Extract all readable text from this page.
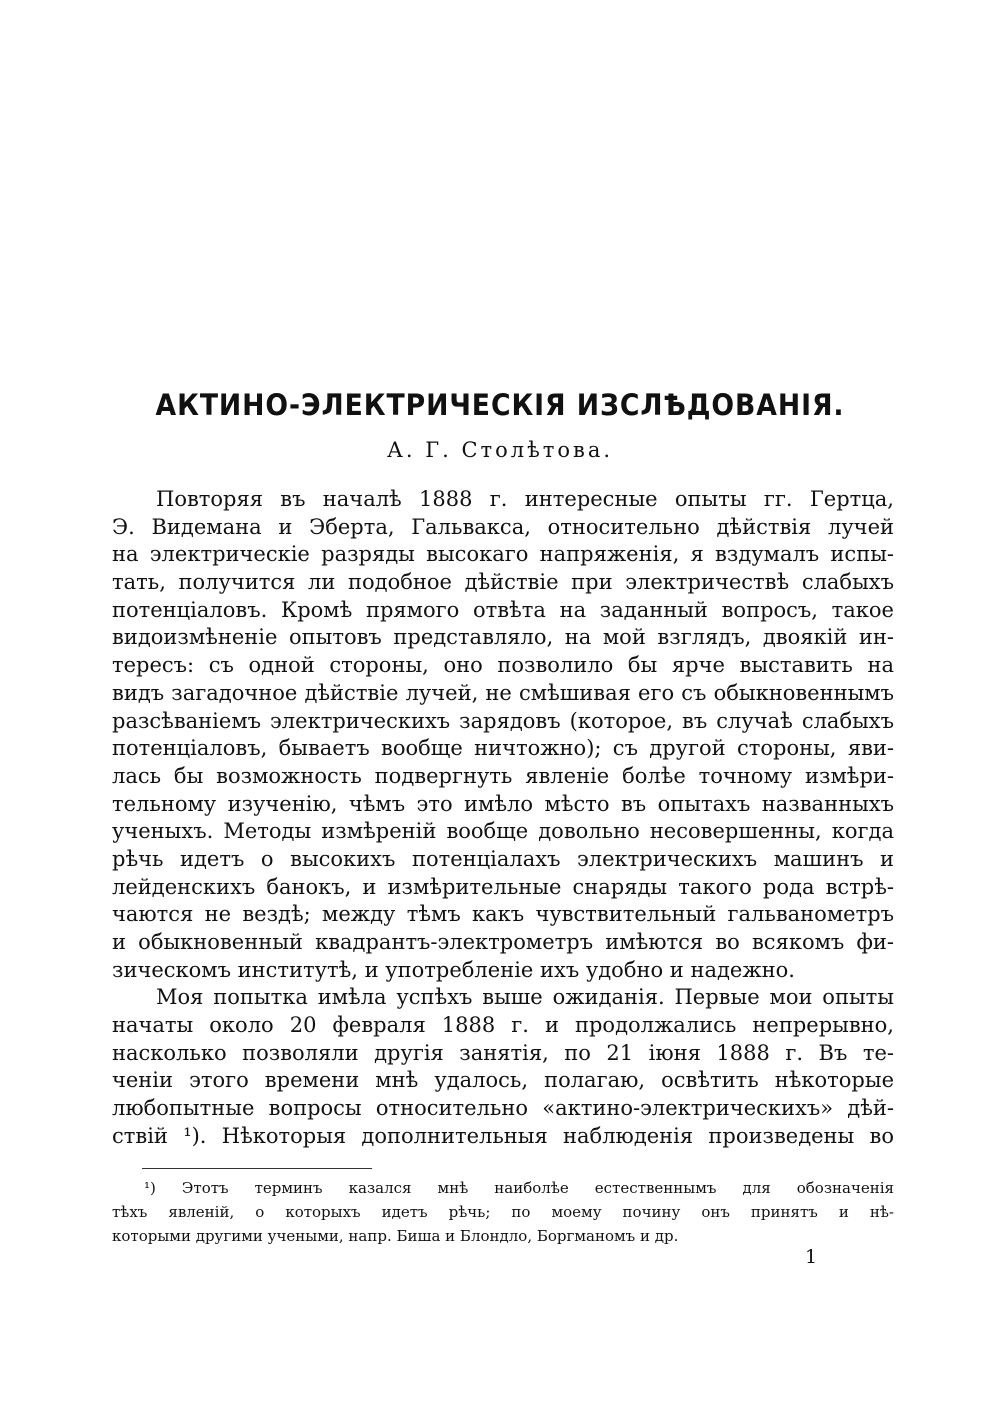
АКТИНО-ЭЛЕКТРИЧЕСКIЯ ИЗСЛѢДОВАНIЯ.
А. Г. Столѣтова.
Повторяя въ началѣ 1888 г. интересные опыты гг. Гертца,
Э. Видемана и Эберта, Гальвакса, относительно дѣйствiя лучей
на электрическiе разряды высокаго напряженiя, я вздумалъ испы-
тать, получится ли подобное дѣйствiе при электричествѣ слабыхъ
потенцiаловъ. Кромѣ прямого отвѣта на заданный вопросъ, такое
видоизмѣненiе опытовъ представляло, на мой взглядъ, двоякiй ин-
тересъ: съ одной стороны, оно позволило бы ярче выставить на
видъ загадочное дѣйствiе лучей, не смѣшивая его съ обыкновеннымъ
разсѣванiемъ электрическихъ зарядовъ (которое, въ случаѣ слабыхъ
потенцiаловъ, бываетъ вообще ничтожно); съ другой стороны, яви-
лась бы возможность подвергнуть явленiе болѣе точному измѣри-
тельному изученiю, чѣмъ это имѣло мѣсто въ опытахъ названныхъ
ученыхъ. Методы измѣренiй вообще довольно несовершенны, когда
рѣчь идетъ о высокихъ потенцiалахъ электрическихъ машинъ и
лейденскихъ банокъ, и измѣрительные снаряды такого рода встрѣ-
чаются не вездѣ; между тѣмъ какъ чувствительный гальванометръ
и обыкновенный квадрантъ-электрометръ имѣются во всякомъ фи-
зическомъ институтѣ, и употребленiе ихъ удобно и надежно.
Моя попытка имѣла успѣхъ выше ожиданiя. Первые мои опыты
начаты около 20 февраля 1888 г. и продолжались непрерывно,
насколько позволяли другiя занятiя, по 21 iюня 1888 г. Въ те-
ченiи этого времени мнѣ удалось, полагаю, освѣтить нѣкоторые
любопытные вопросы относительно «актино-электрическихъ» дѣй-
ствiй ¹). Нѣкоторыя дополнительныя наблюденiя произведены во
¹) Этотъ терминъ казался мнѣ наиболѣе естественнымъ для обозначенiя
тѣхъ явленiй, о которыхъ идетъ рѣчь; по моему почину онъ принятъ и нѣ-
которыми другими учеными, напр. Биша и Блондло, Боргманомъ и др.
1
